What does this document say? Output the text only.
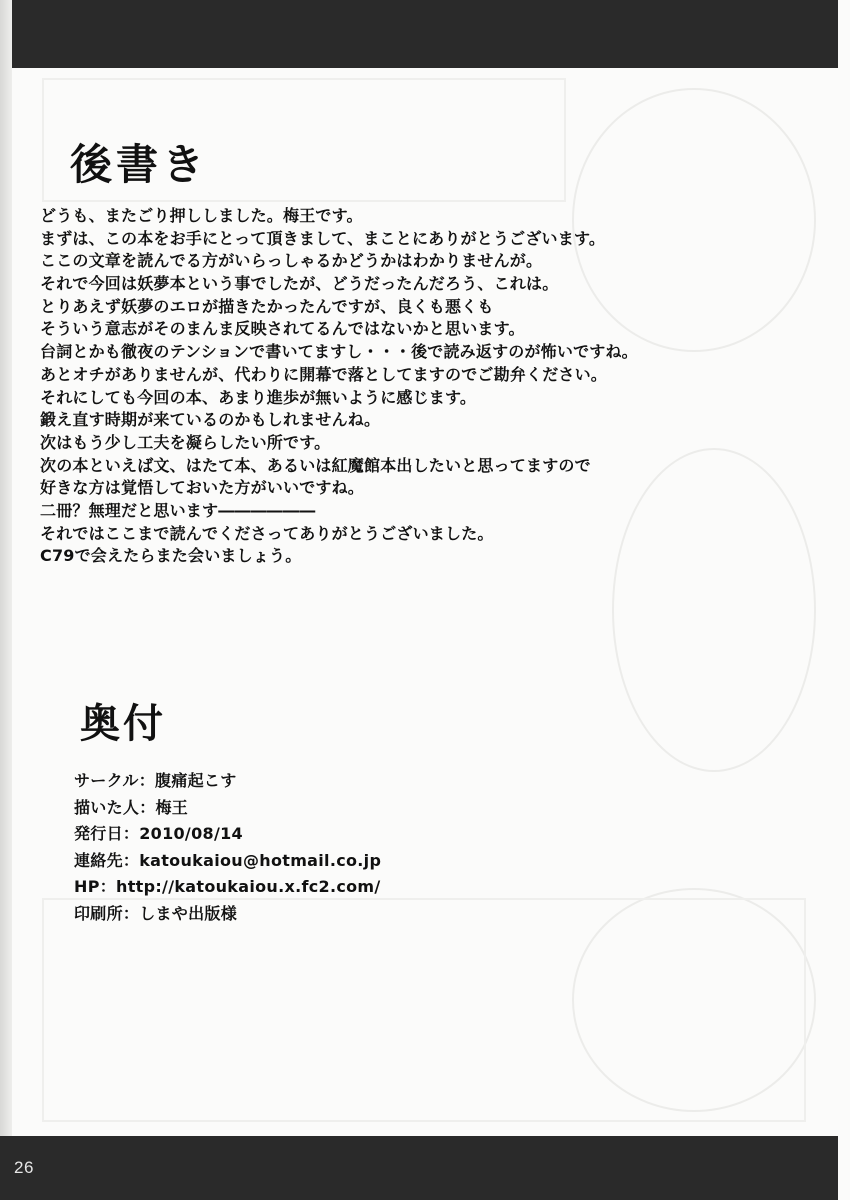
後書き
どうも、またごり押ししました。梅王です。
まずは、この本をお手にとって頂きまして、まことにありがとうございます。
ここの文章を読んでる方がいらっしゃるかどうかはわかりませんが。
それで今回は妖夢本という事でしたが、どうだったんだろう、これは。
とりあえず妖夢のエロが描きたかったんですが、良くも悪くも
そういう意志がそのまんま反映されてるんではないかと思います。
台詞とかも徹夜のテンションで書いてますし・・・後で読み返すのが怖いですね。
あとオチがありませんが、代わりに開幕で落としてますのでご勘弁ください。
それにしても今回の本、あまり進歩が無いように感じます。
鍛え直す時期が来ているのかもしれませんね。
次はもう少し工夫を凝らしたい所です。
次の本といえば文、はたて本、あるいは紅魔館本出したいと思ってますので
好きな方は覚悟しておいた方がいいですね。
二冊？無理だと思います――――――
それではここまで読んでくださってありがとうございました。
C79で会えたらまた会いましょう。
奥付
サークル：腹痛起こす
描いた人：梅王
発行日：2010/08/14
連絡先：katoukaiou@hotmail.co.jp
HP：http://katoukaiou.x.fc2.com/
印刷所：しまや出版様
26
